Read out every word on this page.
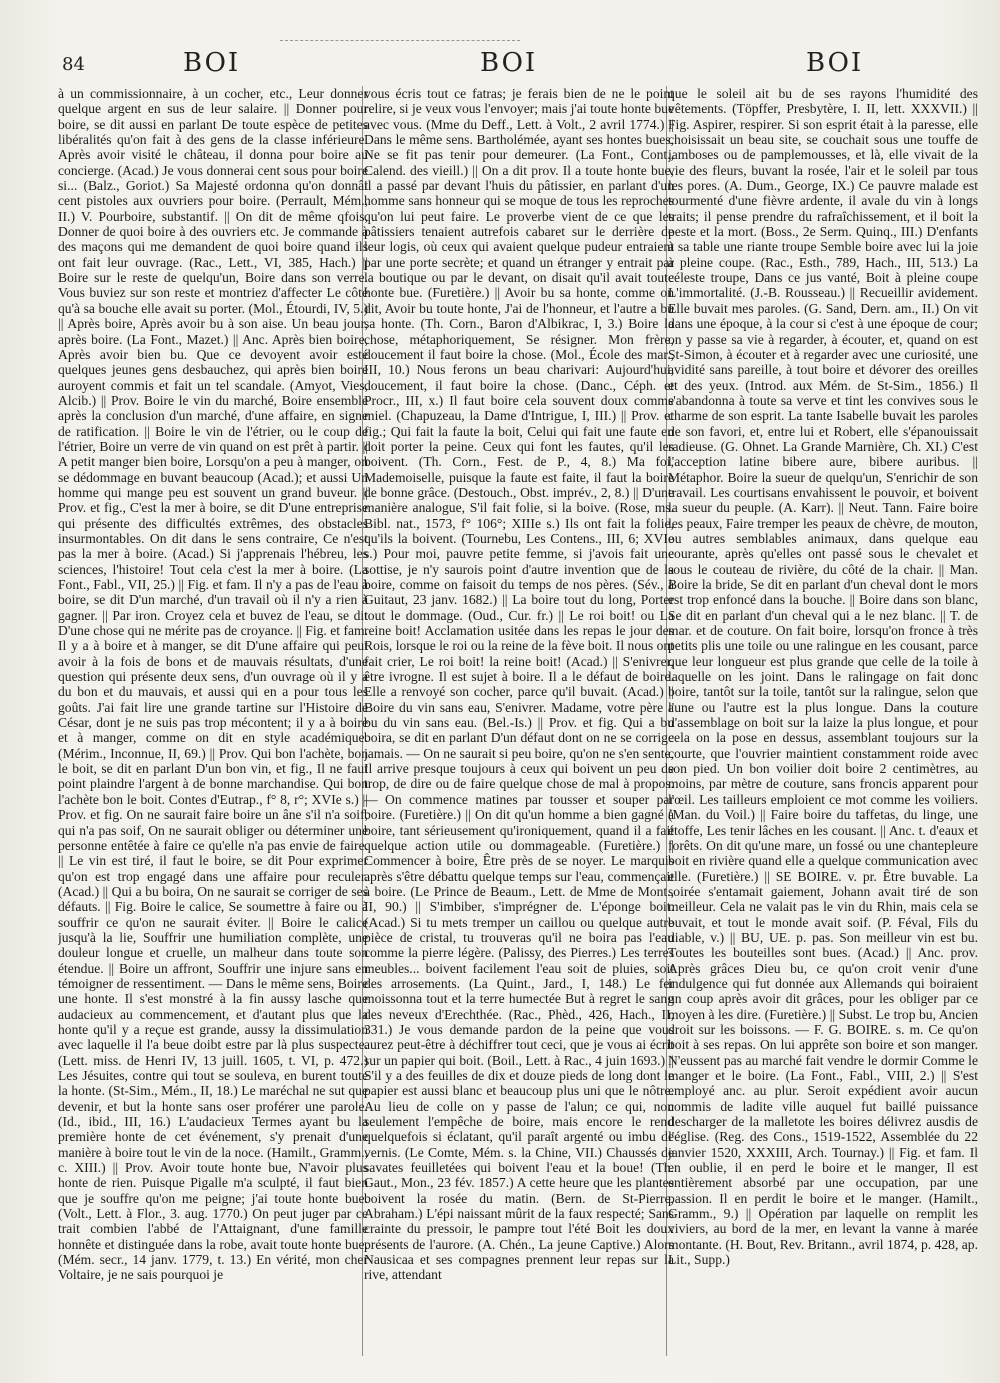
84	BOI	BOI	BOI

à un commissionnaire, à un cocher, etc., Leur donner quelque argent en sus de leur salaire. || Donner pour boire, se dit aussi en parlant De toute espèce de petites libéralités qu'on fait à des gens de la classe inférieure. Après avoir visité le château, il donna pour boire au concierge. (Acad.) Je vous donnerai cent sous pour boire si... (Balz., Goriot.) Sa Majesté ordonna qu'on donnât cent pistoles aux ouvriers pour boire. (Perrault, Mém., II.) V. Pourboire, substantif. || On dit de même qfois, Donner de quoi boire à des ouvriers etc. Je commande à des maçons qui me demandent de quoi boire quand ils ont fait leur ouvrage. (Rac., Lett., VI, 385, Hach.) || Boire sur le reste de quelqu'un, Boire dans son verre. Vous buviez sur son reste et montriez d'affecter Le côté qu'à sa bouche elle avait su porter. (Mol., Étourdi, IV, 5.) || Après boire, Après avoir bu à son aise. Un beau jour, après boire. (La Font., Mazet.) || Anc. Après bien boire, Après avoir bien bu. Que ce devoyent avoir esté quelques jeunes gens desbauchez, qui après bien boire auroyent commis et fait un tel scandale. (Amyot, Vies, Alcib.) || Prov. Boire le vin du marché, Boire ensemble après la conclusion d'un marché, d'une affaire, en signe de ratification. || Boire le vin de l'étrier, ou le coup de l'étrier, Boire un verre de vin quand on est prêt à partir. || A petit manger bien boire, Lorsqu'on a peu à manger, on se dédommage en buvant beaucoup (Acad.); et aussi Un homme qui mange peu est souvent un grand buveur. || Prov. et fig., C'est la mer à boire, se dit D'une entreprise qui présente des difficultés extrêmes, des obstacles insurmontables. On dit dans le sens contraire, Ce n'est pas la mer à boire. (Acad.) Si j'apprenais l'hébreu, les sciences, l'histoire! Tout cela c'est la mer à boire. (La Font., Fabl., VII, 25.) || Fig. et fam. Il n'y a pas de l'eau à boire, se dit D'un marché, d'un travail où il n'y a rien à gagner. || Par iron. Croyez cela et buvez de l'eau, se dit D'une chose qui ne mérite pas de croyance. || Fig. et fam. Il y a à boire et à manger, se dit D'une affaire qui peut avoir à la fois de bons et de mauvais résultats, d'une question qui présente deux sens, d'un ouvrage où il y a du bon et du mauvais, et aussi qui en a pour tous les goûts. J'ai fait lire une grande tartine sur l'Histoire de César, dont je ne suis pas trop mécontent; il y a à boire et à manger, comme on dit en style académique. (Mérim., Inconnue, II, 69.) || Prov. Qui bon l'achète, bon le boit, se dit en parlant D'un bon vin, et fig., Il ne faut point plaindre l'argent à de bonne marchandise. Qui bon l'achète bon le boit. Contes d'Eutrap., f° 8, r°; XVIe s.) || Prov. et fig. On ne saurait faire boire un âne s'il n'a soif, qui n'a pas soif, On ne saurait obliger ou déterminer une personne entêtée à faire ce qu'elle n'a pas envie de faire. || Le vin est tiré, il faut le boire, se dit Pour exprimer qu'on est trop engagé dans une affaire pour reculer. (Acad.) || Qui a bu boira, On ne saurait se corriger de ses défauts. || Fig. Boire le calice, Se soumettre à faire ou à souffrir ce qu'on ne saurait éviter. || Boire le calice jusqu'à la lie, Souffrir une humiliation complète, une douleur longue et cruelle, un malheur dans toute son étendue. || Boire un affront, Souffrir une injure sans en témoigner de ressentiment. — Dans le même sens, Boire une honte. Il s'est monstré à la fin aussy lasche que audacieux au commencement, et d'autant plus que la honte qu'il y a reçue est grande, aussy la dissimulation avec laquelle il l'a beue doibt estre par là plus suspecte. (Lett. miss. de Henri IV, 13 juill. 1605, t. VI, p. 472.) Les Jésuites, contre qui tout se souleva, en burent toute la honte. (St-Sim., Mém., II, 18.) Le maréchal ne sut que devenir, et but la honte sans oser proférer une parole. (Id., ibid., III, 16.) L'audacieux Termes ayant bu la première honte de cet événement, s'y prenait d'une manière à boire tout le vin de la noce. (Hamilt., Gramm., c. XIII.) || Prov. Avoir toute honte bue, N'avoir plus honte de rien. Puisque Pigalle m'a sculpté, il faut bien que je souffre qu'on me peigne; j'ai toute honte bue. (Volt., Lett. à Flor., 3. aug. 1770.) On peut juger par ce trait combien l'abbé de l'Attaignant, d'une famille honnête et distinguée dans la robe, avait toute honte bue. (Mém. secr., 14 janv. 1779, t. 13.) En vérité, mon cher Voltaire, je ne sais pourquoi je

vous écris tout ce fatras; je ferais bien de ne le point relire, si je veux vous l'envoyer; mais j'ai toute honte bue avec vous. (Mme du Deff., Lett. à Volt., 2 avril 1774.) || Dans le même sens. Bartholémée, ayant ses hontes bues, Ne se fit pas tenir pour demeurer. (La Font., Cont., Calend. des vieill.) || On a dit prov. Il a toute honte bue, il a passé par devant l'huis du pâtissier, en parlant d'un homme sans honneur qui se moque de tous les reproches qu'on lui peut faire. Le proverbe vient de ce que les pâtissiers tenaient autrefois cabaret sur le derrière de leur logis, où ceux qui avaient quelque pudeur entraient par une porte secrète; et quand un étranger y entrait par la boutique ou par le devant, on disait qu'il avait toute honte bue. (Furetière.) || Avoir bu sa honte, comme on dit, Avoir bu toute honte, J'ai de l'honneur, et l'autre a bu sa honte. (Th. Corn., Baron d'Albikrac, I, 3.) Boire la chose, métaphoriquement, Se résigner. Mon frère, doucement il faut boire la chose. (Mol., École des mar., III, 10.) Nous ferons un beau charivari: Aujourd'hui, doucement, il faut boire la chose. (Danc., Céph. et Procr., III, x.) Il faut boire cela souvent doux comme miel. (Chapuzeau, la Dame d'Intrigue, I, III.) || Prov. et fig.; Qui fait la faute la boit, Celui qui fait une faute en doit porter la peine. Ceux qui font les fautes, qu'il les boivent. (Th. Corn., Fest. de P., 4, 8.) Ma foi, Mademoiselle, puisque la faute est faite, il faut la boire de bonne grâce. (Destouch., Obst. imprév., 2, 8.) || D'une manière analogue, S'il fait folie, si la boive. (Rose, ms. Bibl. nat., 1573, f° 106°; XIIIe s.) Ils ont fait la folie, qu'ils la boivent. (Tournebu, Les Contens., III, 6; XVIe s.) Pour moi, pauvre petite femme, si j'avois fait une sottise, je n'y saurois point d'autre invention que de la boire, comme on faisoit du temps de nos pères. (Sév., à Guitaut, 23 janv. 1682.) || La boire tout du long, Porter tout le dommage. (Oud., Cur. fr.) || Le roi boit! ou La reine boit! Acclamation usitée dans les repas le jour des Rois, lorsque le roi ou la reine de la fève boit. Il nous ont fait crier, Le roi boit! la reine boit! (Acad.) || S'enivrer, être ivrogne. Il est sujet à boire. Il a le défaut de boire. Elle a renvoyé son cocher, parce qu'il buvait. (Acad.) || Boire du vin sans eau, S'enivrer. Madame, votre père a bu du vin sans eau. (Bel.-Is.) || Prov. et fig. Qui a bu boira, se dit en parlant D'un défaut dont on ne se corrige jamais. — On ne saurait si peu boire, qu'on ne s'en sente, Il arrive presque toujours à ceux qui boivent un peu de trop, de dire ou de faire quelque chose de mal à propos. — On commence matines par tousser et souper par boire. (Furetière.) || On dit qu'un homme a bien gagné à boire, tant sérieusement qu'ironiquement, quand il a fait quelque action utile ou dommageable. (Furetière.) || Commencer à boire, Être près de se noyer. Le marquis après s'être débattu quelque temps sur l'eau, commençait à boire. (Le Prince de Beaum., Lett. de Mme de Mont., II, 90.) || S'imbiber, s'imprégner de. L'éponge boit. (Acad.) Si tu mets tremper un caillou ou quelque autre pièce de cristal, tu trouveras qu'il ne boira pas l'eau comme la pierre légère. (Palissy, des Pierres.) Les terres meubles... boivent facilement l'eau soit de pluies, soit des arrosements. (La Quint., Jard., I, 148.) Le fer moissonna tout et la terre humectée But à regret le sang des neveux d'Erechthée. (Rac., Phèd., 426, Hach., II, 331.) Je vous demande pardon de la peine que vous aurez peut-être à déchiffrer tout ceci, que je vous ai écrit sur un papier qui boit. (Boil., Lett. à Rac., 4 juin 1693.) || S'il y a des feuilles de dix et douze pieds de long dont le papier est aussi blanc et beaucoup plus uni que le nôtre. Au lieu de colle on y passe de l'alun; ce qui, non seulement l'empêche de boire, mais encore le rend quelquefois si éclatant, qu'il paraît argenté ou imbu de vernis. (Le Comte, Mém. s. la Chine, VII.) Chaussés de savates feuilletées qui boivent l'eau et la boue! (Th. Gaut., Mon., 23 fév. 1857.) A cette heure que les plantes boivent la rosée du matin. (Bern. de St-Pierre, Abraham.) L'épi naissant mûrit de la faux respecté; Sans crainte du pressoir, le pampre tout l'été Boit les doux présents de l'aurore. (A. Chén., La jeune Captive.) Alors Nausicaa et ses compagnes prennent leur repas sur la rive, attendant

que le soleil ait bu de ses rayons l'humidité des vêtements. (Töpffer, Presbytère, I. II, lett. XXXVII.) || Fig. Aspirer, respirer. Si son esprit était à la paresse, elle choisissait un beau site, se couchait sous une touffe de jamboses ou de pamplemousses, et là, elle vivait de la vie des fleurs, buvant la rosée, l'air et le soleil par tous les pores. (A. Dum., George, IX.) Ce pauvre malade est tourmenté d'une fièvre ardente, il avale du vin à longs traits; il pense prendre du rafraîchissement, et il boit la peste et la mort. (Boss., 2e Serm. Quinq., III.) D'enfants à sa table une riante troupe Semble boire avec lui la joie à pleine coupe. (Rac., Esth., 789, Hach., III, 513.) La céleste troupe, Dans ce jus vanté, Boit à pleine coupe L'immortalité. (J.-B. Rousseau.) || Recueillir avidement. Elle buvait mes paroles. (G. Sand, Dern. am., II.) On vit dans une époque, à la cour si c'est à une époque de cour; on y passe sa vie à regarder, à écouter, et, quand on est St-Simon, à écouter et à regarder avec une curiosité, une avidité sans pareille, à tout boire et dévorer des oreilles et des yeux. (Introd. aux Mém. de St-Sim., 1856.) Il s'abandonna à toute sa verve et tint les convives sous le charme de son esprit. La tante Isabelle buvait les paroles de son favori, et, entre lui et Robert, elle s'épanouissait radieuse. (G. Ohnet. La Grande Marnière, Ch. XI.) C'est l'acception latine bibere aure, bibere auribus. || Métaphor. Boire la sueur de quelqu'un, S'enrichir de son travail. Les courtisans envahissent le pouvoir, et boivent la sueur du peuple. (A. Karr). || Neut. Tann. Faire boire les peaux, Faire tremper les peaux de chèvre, de mouton, ou autres semblables animaux, dans quelque eau courante, après qu'elles ont passé sous le chevalet et sous le couteau de rivière, du côté de la chair. || Man. Boire la bride, Se dit en parlant d'un cheval dont le mors est trop enfoncé dans la bouche. || Boire dans son blanc, Se dit en parlant d'un cheval qui a le nez blanc. || T. de mar. et de couture. On fait boire, lorsqu'on fronce à très petits plis une toile ou une ralingue en les cousant, parce que leur longueur est plus grande que celle de la toile à laquelle on les joint. Dans le ralingage on fait donc boire, tantôt sur la toile, tantôt sur la ralingue, selon que l'une ou l'autre est la plus longue. Dans la couture d'assemblage on boit sur la laize la plus longue, et pour cela on la pose en dessus, assemblant toujours sur la courte, que l'ouvrier maintient constamment roide avec son pied. Un bon voilier doit boire 2 centimètres, au moins, par mètre de couture, sans froncis apparent pour l'œil. Les tailleurs emploient ce mot comme les voiliers. (Man. du Voil.) || Faire boire du taffetas, du linge, une étoffe, Les tenir lâches en les cousant. || Anc. t. d'eaux et forêts. On dit qu'une mare, un fossé ou une chantepleure boit en rivière quand elle a quelque communication avec elle. (Furetière.) || SE BOIRE. v. pr. Être buvable. La soirée s'entamait gaiement, Johann avait tiré de son meilleur. Cela ne valait pas le vin du Rhin, mais cela se buvait, et tout le monde avait soif. (P. Féval, Fils du diable, v.) || BU, UE. p. pas. Son meilleur vin est bu. Toutes les bouteilles sont bues. (Acad.) || Anc. prov. Après grâces Dieu bu, ce qu'on croit venir d'une indulgence qui fut donnée aux Allemands qui boiraient un coup après avoir dit grâces, pour les obliger par ce moyen à les dire. (Furetière.) || Subst. Le trop bu, Ancien droit sur les boissons. — F. G. BOIRE. s. m. Ce qu'on boit à ses repas. On lui apprête son boire et son manger. N'eussent pas au marché fait vendre le dormir Comme le manger et le boire. (La Font., Fabl., VIII, 2.) || S'est employé anc. au plur. Seroit expédient avoir aucun commis de ladite ville auquel fut baillé puissance descharger de la malletote les boires délivrez ausdis de l'église. (Reg. des Cons., 1519-1522, Assemblée du 22 janvier 1520, XXXIII, Arch. Tournay.) || Fig. et fam. Il en oublie, il en perd le boire et le manger, Il est entièrement absorbé par une occupation, par une passion. Il en perdit le boire et le manger. (Hamilt., Gramm., 9.) || Opération par laquelle on remplit les viviers, au bord de la mer, en levant la vanne à marée montante. (H. Bout, Rev. Britann., avril 1874, p. 428, ap. Lit., Supp.)
